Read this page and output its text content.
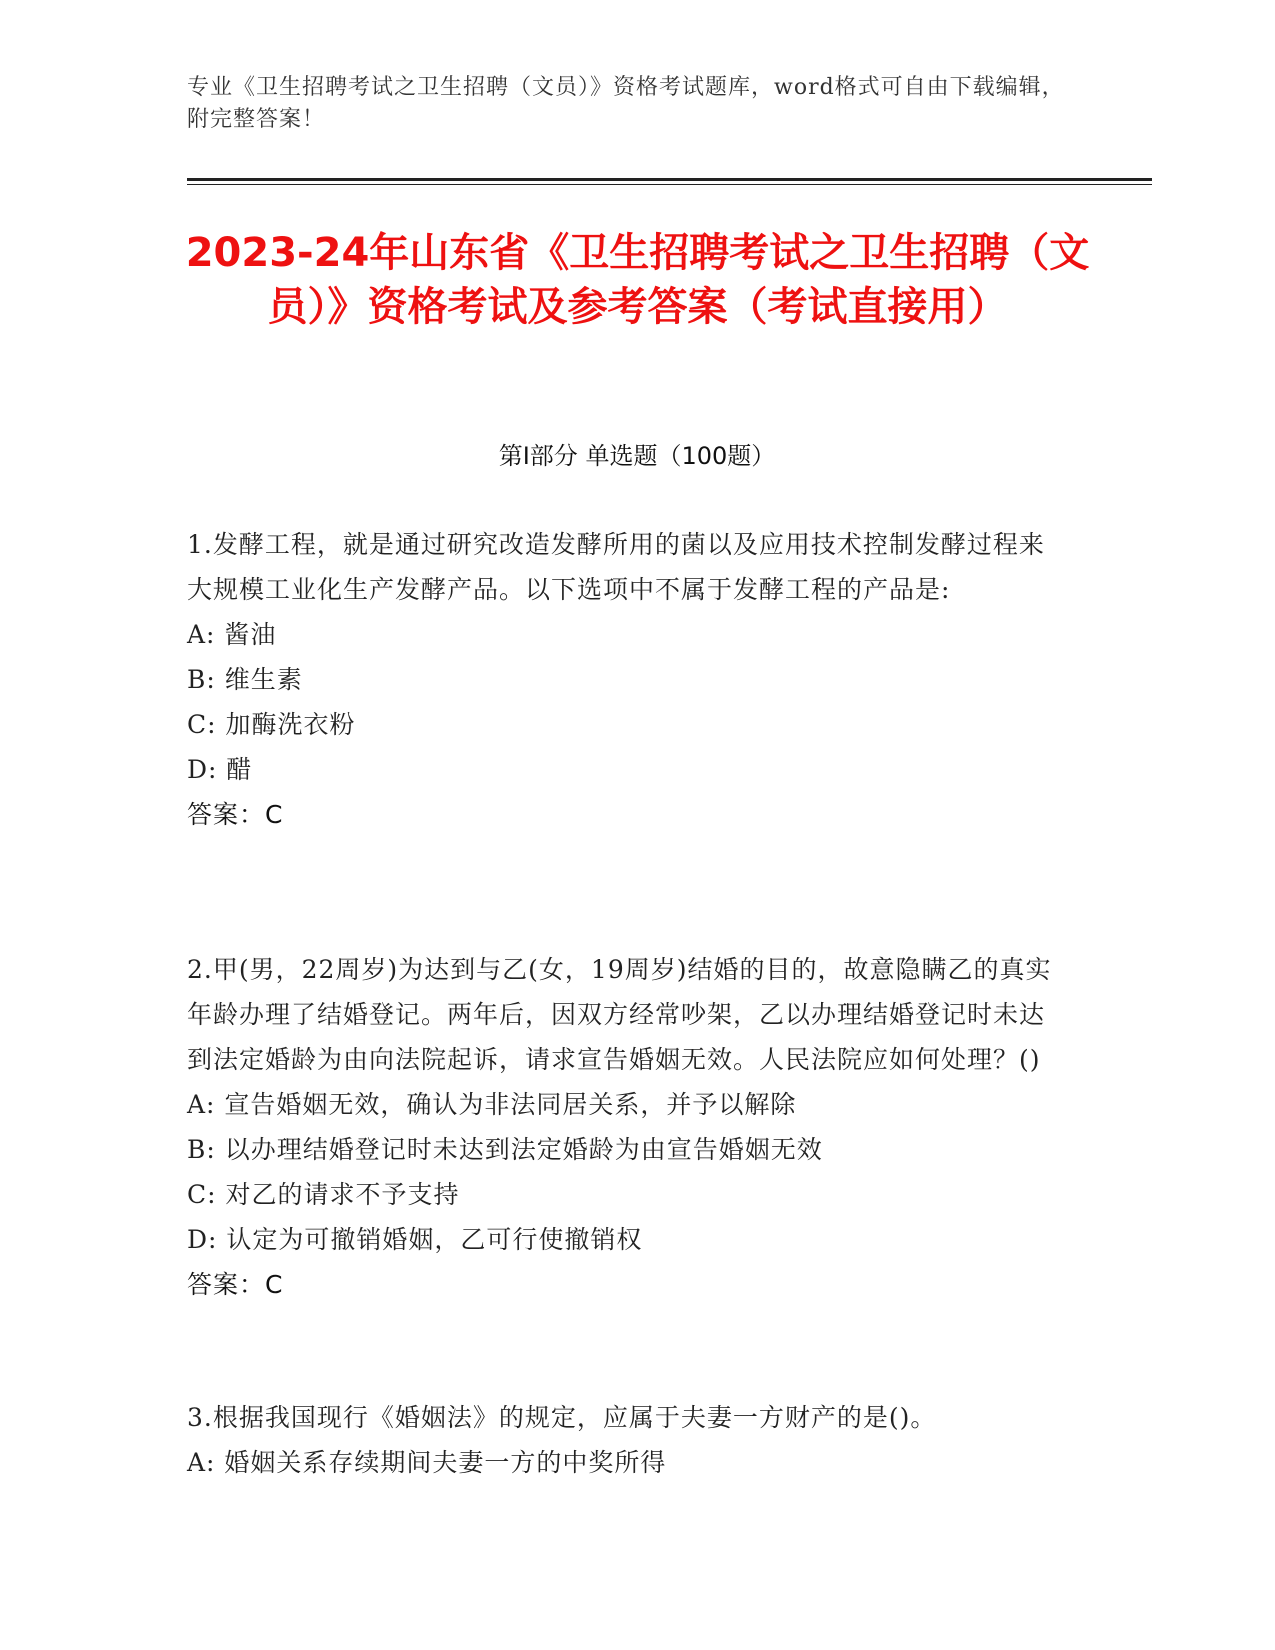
专业《卫生招聘考试之卫生招聘（文员）》资格考试题库，word格式可自由下载编辑，附完整答案！
2023-24年山东省《卫生招聘考试之卫生招聘（文员）》资格考试及参考答案（考试直接用）
第I部分 单选题（100题）

1.发酵工程，就是通过研究改造发酵所用的菌以及应用技术控制发酵过程来大规模工业化生产发酵产品。以下选项中不属于发酵工程的产品是:

A: 酱油

B: 维生素

C: 加酶洗衣粉

D: 醋

答案：C

2.甲(男，22周岁)为达到与乙(女，19周岁)结婚的目的，故意隐瞒乙的真实年龄办理了结婚登记。两年后，因双方经常吵架，乙以办理结婚登记时未达到法定婚龄为由向法院起诉，请求宣告婚姻无效。人民法院应如何处理？()

A: 宣告婚姻无效，确认为非法同居关系，并予以解除

B: 以办理结婚登记时未达到法定婚龄为由宣告婚姻无效

C: 对乙的请求不予支持

D: 认定为可撤销婚姻，乙可行使撤销权

答案：C

3.根据我国现行《婚姻法》的规定，应属于夫妻一方财产的是()。

A: 婚姻关系存续期间夫妻一方的中奖所得
